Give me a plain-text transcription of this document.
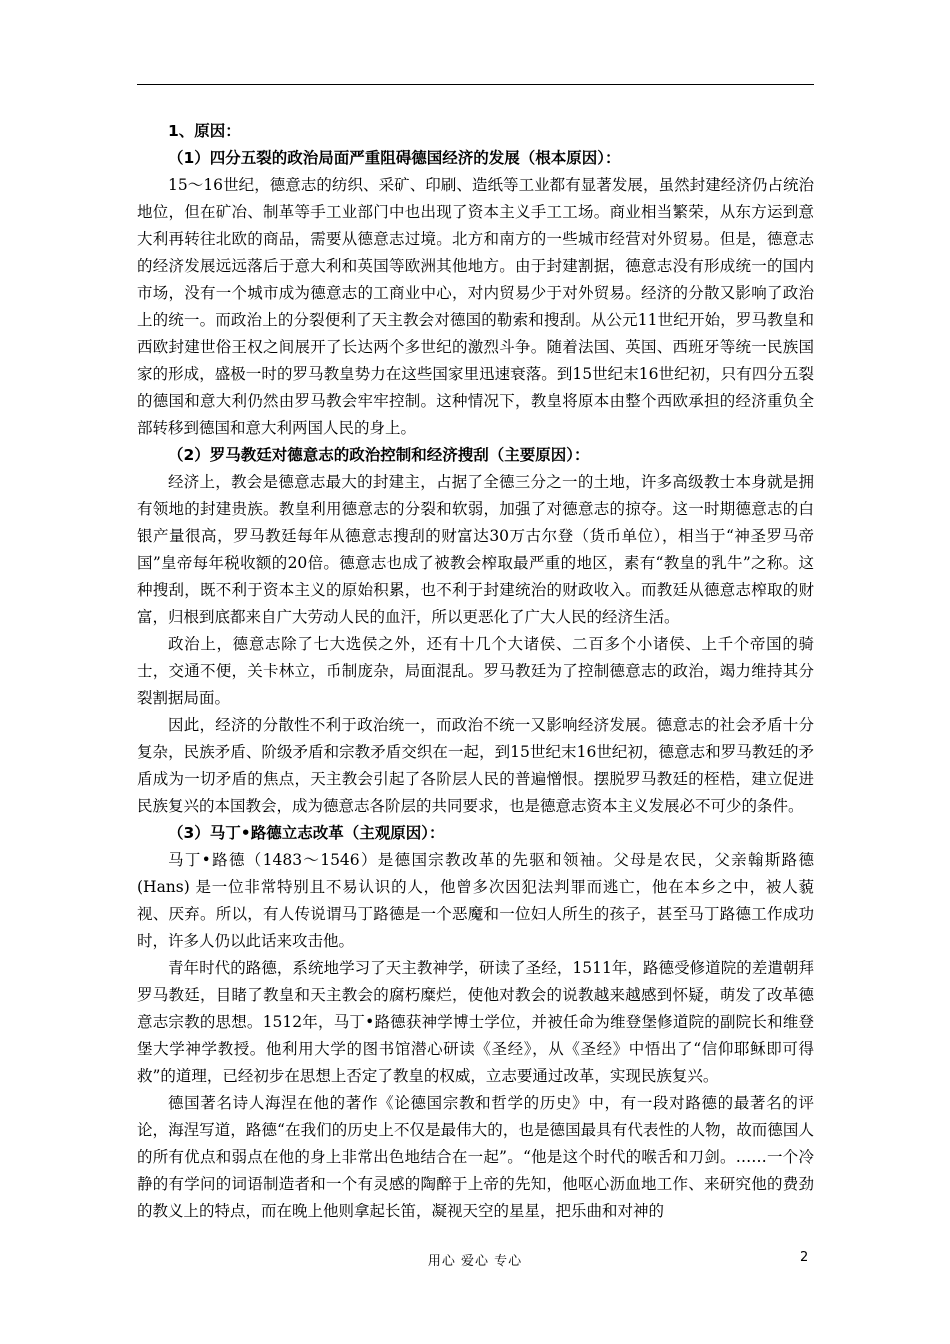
1、原因：

（1）四分五裂的政治局面严重阻碍德国经济的发展（根本原因）：

15～16世纪，德意志的纺织、采矿、印刷、造纸等工业都有显著发展，虽然封建经济仍占统治地位，但在矿冶、制革等手工业部门中也出现了资本主义手工工场。商业相当繁荣，从东方运到意大利再转往北欧的商品，需要从德意志过境。北方和南方的一些城市经营对外贸易。但是，德意志的经济发展远远落后于意大利和英国等欧洲其他地方。由于封建割据，德意志没有形成统一的国内市场，没有一个城市成为德意志的工商业中心，对内贸易少于对外贸易。经济的分散又影响了政治上的统一。而政治上的分裂便利了天主教会对德国的勒索和搜刮。从公元11世纪开始，罗马教皇和西欧封建世俗王权之间展开了长达两个多世纪的激烈斗争。随着法国、英国、西班牙等统一民族国家的形成，盛极一时的罗马教皇势力在这些国家里迅速衰落。到15世纪末16世纪初，只有四分五裂的德国和意大利仍然由罗马教会牢牢控制。这种情况下，教皇将原本由整个西欧承担的经济重负全部转移到德国和意大利两国人民的身上。

（2）罗马教廷对德意志的政治控制和经济搜刮（主要原因）：

经济上，教会是德意志最大的封建主，占据了全德三分之一的土地，许多高级教士本身就是拥有领地的封建贵族。教皇利用德意志的分裂和软弱，加强了对德意志的掠夺。这一时期德意志的白银产量很高，罗马教廷每年从德意志搜刮的财富达30万古尔登（货币单位），相当于“神圣罗马帝国”皇帝每年税收额的20倍。德意志也成了被教会榨取最严重的地区，素有“教皇的乳牛”之称。这种搜刮，既不利于资本主义的原始积累，也不利于封建统治的财政收入。而教廷从德意志榨取的财富，归根到底都来自广大劳动人民的血汗，所以更恶化了广大人民的经济生活。

政治上，德意志除了七大选侯之外，还有十几个大诸侯、二百多个小诸侯、上千个帝国的骑士，交通不便，关卡林立，币制庞杂，局面混乱。罗马教廷为了控制德意志的政治，竭力维持其分裂割据局面。

因此，经济的分散性不利于政治统一，而政治不统一又影响经济发展。德意志的社会矛盾十分复杂，民族矛盾、阶级矛盾和宗教矛盾交织在一起，到15世纪末16世纪初，德意志和罗马教廷的矛盾成为一切矛盾的焦点，天主教会引起了各阶层人民的普遍憎恨。摆脱罗马教廷的桎梏，建立促进民族复兴的本国教会，成为德意志各阶层的共同要求，也是德意志资本主义发展必不可少的条件。

（3）马丁•路德立志改革（主观原因）：

马丁•路德（1483～1546）是德国宗教改革的先驱和领袖。父母是农民，父亲翰斯路德(Hans) 是一位非常特别且不易认识的人，他曾多次因犯法判罪而逃亡，他在本乡之中，被人藐视、厌弃。所以，有人传说谓马丁路德是一个恶魔和一位妇人所生的孩子，甚至马丁路德工作成功时，许多人仍以此话来攻击他。

青年时代的路德，系统地学习了天主教神学，研读了圣经，1511年，路德受修道院的差遣朝拜罗马教廷，目睹了教皇和天主教会的腐朽糜烂，使他对教会的说教越来越感到怀疑，萌发了改革德意志宗教的思想。1512年，马丁•路德获神学博士学位，并被任命为维登堡修道院的副院长和维登堡大学神学教授。他利用大学的图书馆潜心研读《圣经》，从《圣经》中悟出了“信仰耶稣即可得救”的道理，已经初步在思想上否定了教皇的权威，立志要通过改革，实现民族复兴。

德国著名诗人海涅在他的著作《论德国宗教和哲学的历史》中，有一段对路德的最著名的评论，海涅写道，路德“在我们的历史上不仅是最伟大的，也是德国最具有代表性的人物，故而德国人的所有优点和弱点在他的身上非常出色地结合在一起”。“他是这个时代的喉舌和刀剑。……一个冷静的有学问的词语制造者和一个有灵感的陶醉于上帝的先知，他呕心沥血地工作、来研究他的费劲的教义上的特点，而在晚上他则拿起长笛，凝视天空的星星，把乐曲和对神的

用心 爱心 专心	2
